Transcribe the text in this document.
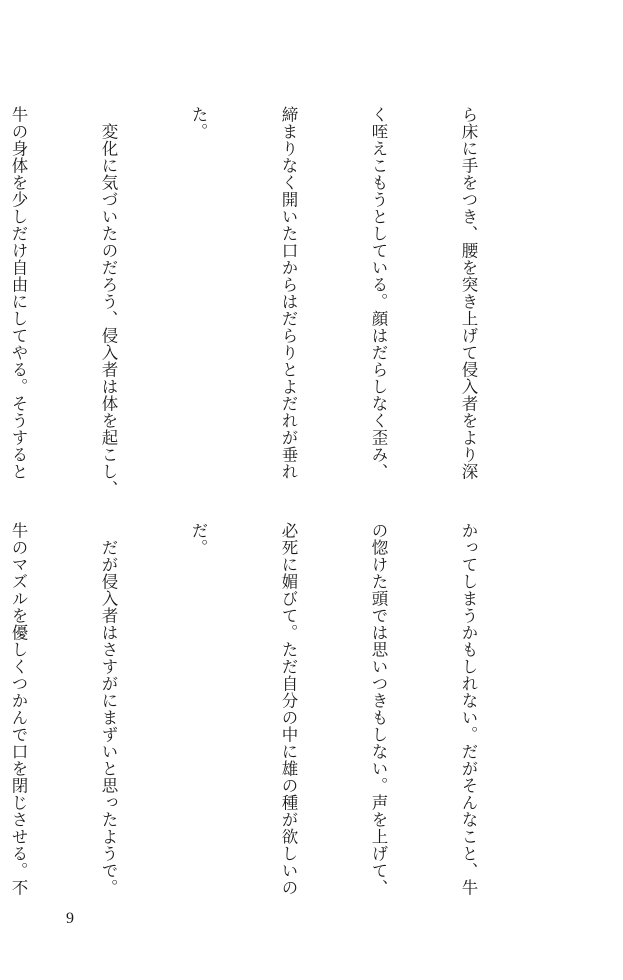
ら床に手をつき、腰を突き上げて侵入者をより深

く咥えこもうとしている。顔はだらしなく歪み、

締まりなく開いた口からはだらりとよだれが垂れ

た。

　変化に気づいたのだろう、侵入者は体を起こし、

牛の身体を少しだけ自由にしてやる。そうすると

かってしまうかもしれない。だがそんなこと、牛

の惚けた頭では思いつきもしない。声を上げて、

必死に媚びて。ただ自分の中に雄の種が欲しいの

だ。

　だが侵入者はさすがにまずいと思ったようで。

牛のマズルを優しくつかんで口を閉じさせる。不

9
